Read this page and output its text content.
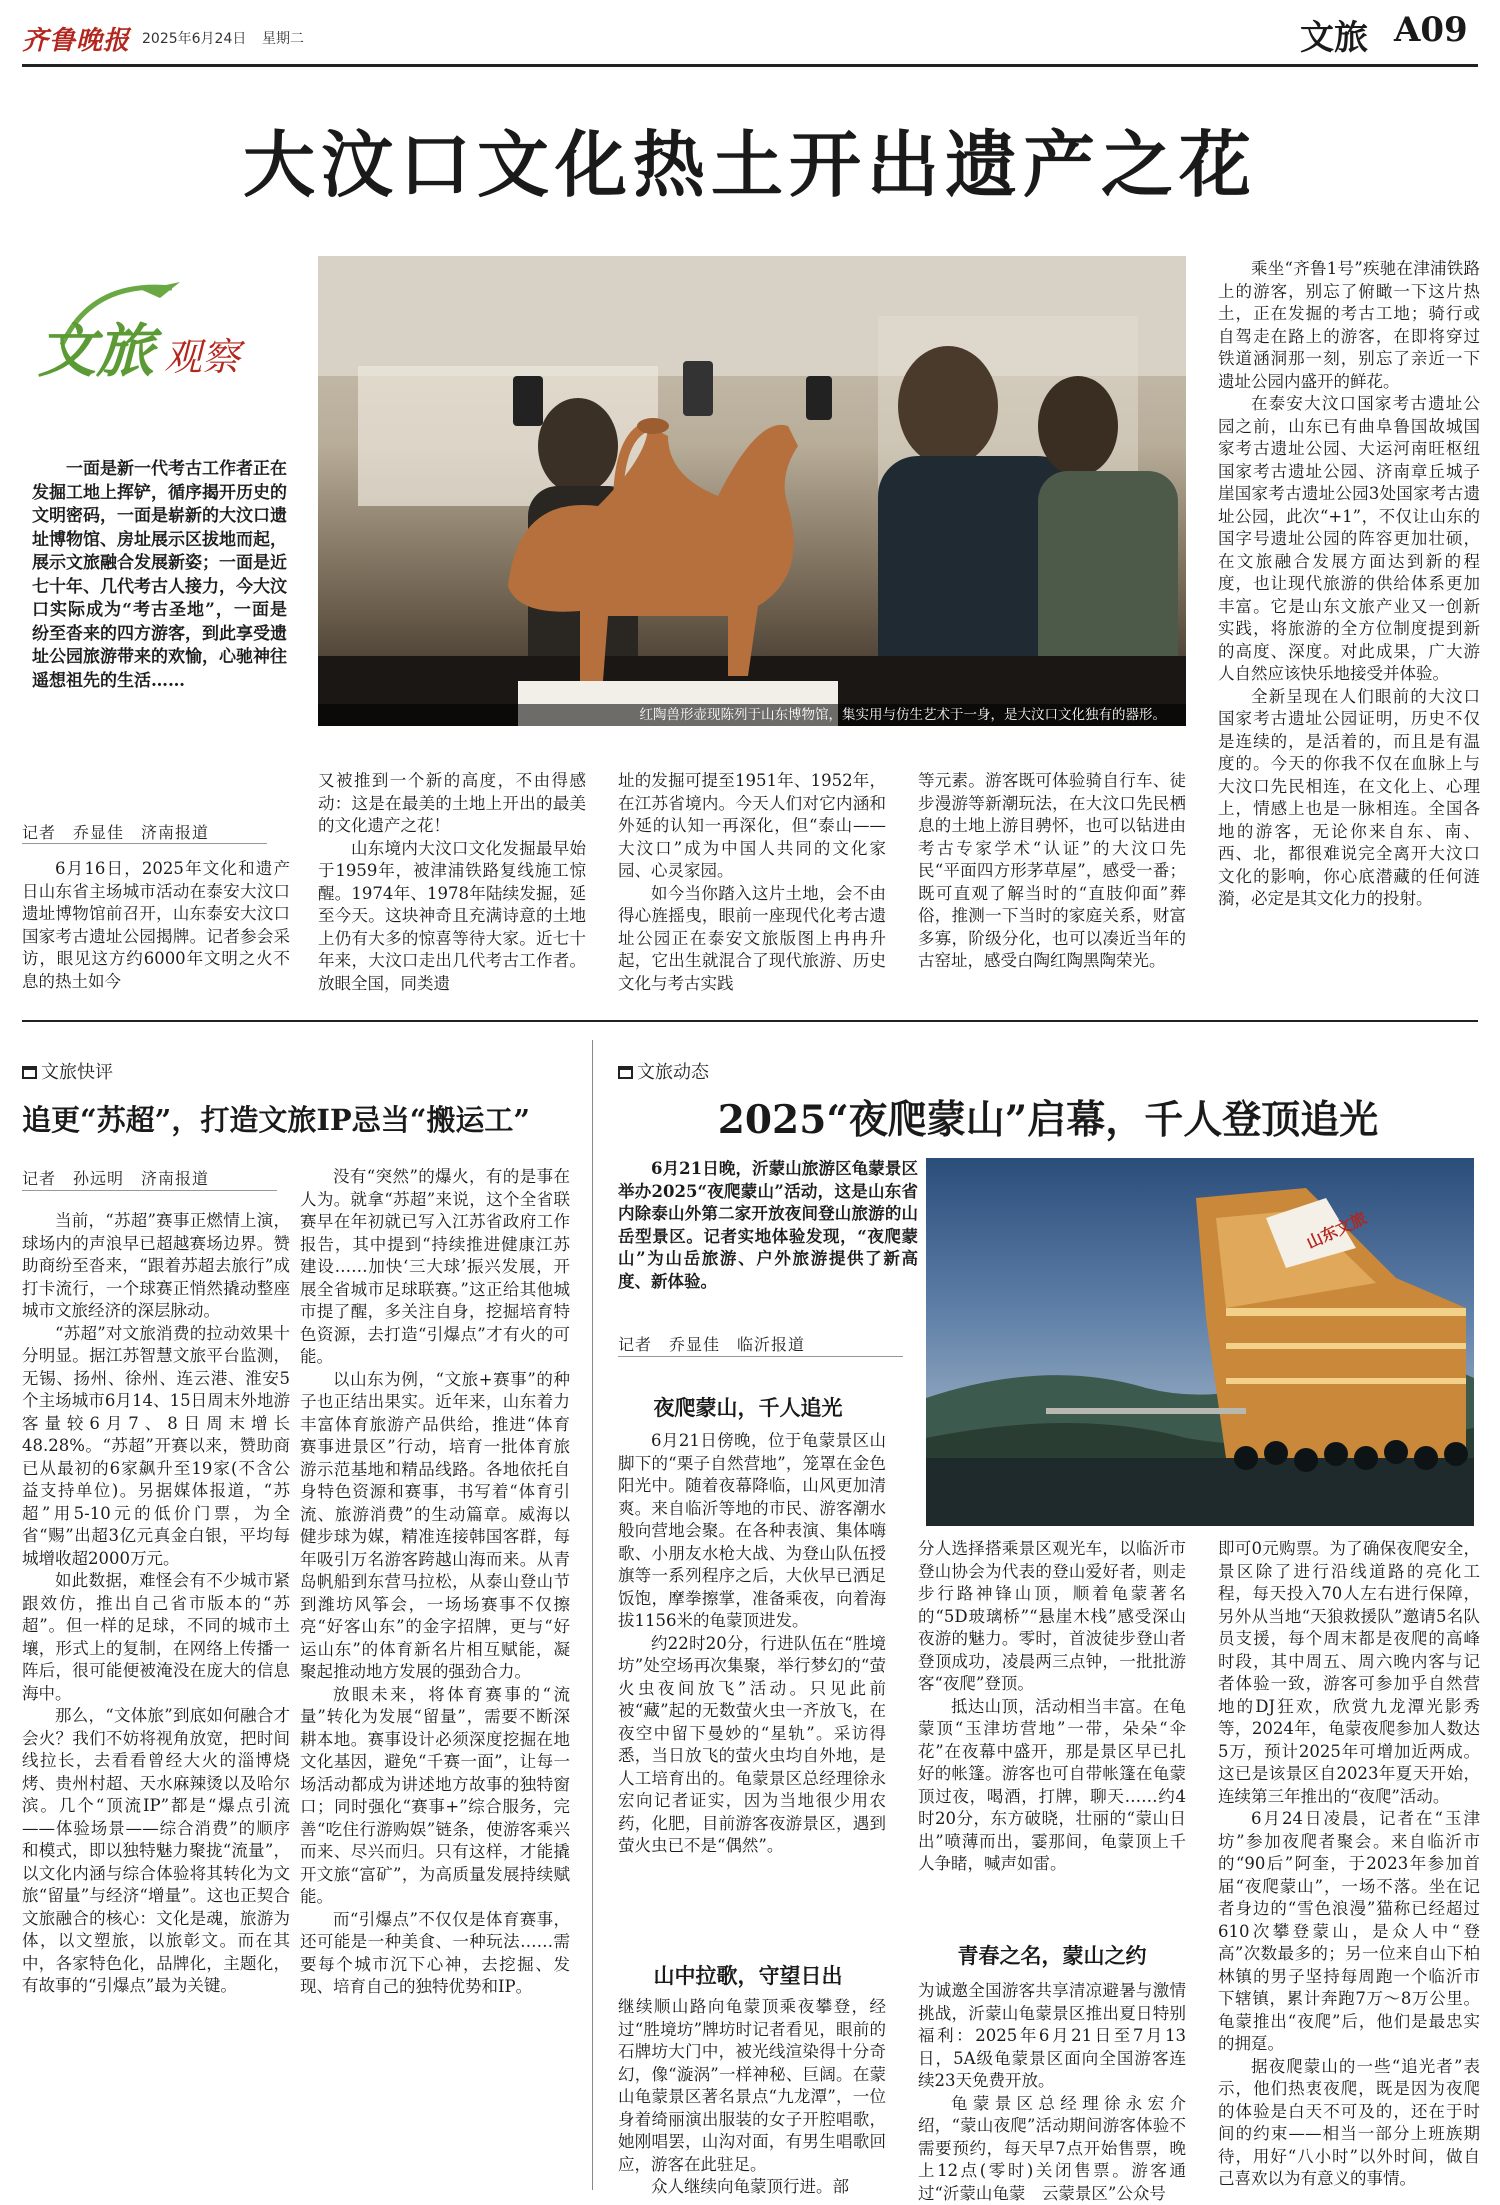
齐鲁晚报 2025年6月24日 星期二	文旅 A09
大汶口文化热土开出遗产之花
文旅 观察

一面是新一代考古工作者正在发掘工地上挥铲，循序揭开历史的文明密码，一面是崭新的大汶口遗址博物馆、房址展示区拔地而起，展示文旅融合发展新姿；一面是近七十年、几代考古人接力，今大汶口实际成为“考古圣地”，一面是纷至沓来的四方游客，到此享受遗址公园旅游带来的欢愉，心驰神往遥想祖先的生活……

红陶兽形壶现陈列于山东博物馆，集实用与仿生艺术于一身，是大汶口文化独有的器形。
记者　乔显佳　济南报道

6月16日，2025年文化和遗产日山东省主场城市活动在泰安大汶口遗址博物馆前召开，山东泰安大汶口国家考古遗址公园揭牌。记者参会采访，眼见这方约6000年文明之火不息的热土如今

又被推到一个新的高度，不由得感动：这是在最美的土地上开出的最美的文化遗产之花！

山东境内大汶口文化发掘最早始于1959年，被津浦铁路复线施工惊醒。1974年、1978年陆续发掘，延至今天。这块神奇且充满诗意的土地上仍有大多的惊喜等待大家。近七十年来，大汶口走出几代考古工作者。放眼全国，同类遗

址的发掘可提至1951年、1952年，在江苏省境内。今天人们对它内涵和外延的认知一再深化，但“泰山——大汶口”成为中国人共同的文化家园、心灵家园。

如今当你踏入这片土地，会不由得心旌摇曳，眼前一座现代化考古遗址公园正在泰安文旅版图上冉冉升起，它出生就混合了现代旅游、历史文化与考古实践

等元素。游客既可体验骑自行车、徒步漫游等新潮玩法，在大汶口先民栖息的土地上游目骋怀，也可以钻进由考古专家学术“认证”的大汶口先民“平面四方形茅草屋”，感受一番；既可直观了解当时的“直肢仰面”葬俗，推测一下当时的家庭关系，财富多寡，阶级分化，也可以凑近当年的古窑址，感受白陶红陶黑陶荣光。

乘坐“齐鲁1号”疾驰在津浦铁路上的游客，别忘了俯瞰一下这片热土，正在发掘的考古工地；骑行或自驾走在路上的游客，在即将穿过铁道涵洞那一刻，别忘了亲近一下遗址公园内盛开的鲜花。

在泰安大汶口国家考古遗址公园之前，山东已有曲阜鲁国故城国家考古遗址公园、大运河南旺枢纽国家考古遗址公园、济南章丘城子崖国家考古遗址公园3处国家考古遗址公园，此次“+1”，不仅让山东的国字号遗址公园的阵容更加壮硕，在文旅融合发展方面达到新的程度，也让现代旅游的供给体系更加丰富。它是山东文旅产业又一创新实践，将旅游的全方位制度提到新的高度、深度。对此成果，广大游人自然应该快乐地接受并体验。

全新呈现在人们眼前的大汶口国家考古遗址公园证明，历史不仅是连续的，是活着的，而且是有温度的。今天的你我不仅在血脉上与大汶口先民相连，在文化上、心理上，情感上也是一脉相连。全国各地的游客，无论你来自东、南、西、北，都很难说完全离开大汶口文化的影响，你心底潜藏的任何涟漪，必定是其文化力的投射。

文旅快评
追更“苏超”，打造文旅IP忌当“搬运工”
记者　孙远明　济南报道

当前，“苏超”赛事正燃情上演，球场内的声浪早已超越赛场边界。赞助商纷至沓来，“跟着苏超去旅行”成打卡流行，一个球赛正悄然撬动整座城市文旅经济的深层脉动。

“苏超”对文旅消费的拉动效果十分明显。据江苏智慧文旅平台监测，无锡、扬州、徐州、连云港、淮安5个主场城市6月14、15日周末外地游客量较6月7、8日周末增长48.28%。“苏超”开赛以来，赞助商已从最初的6家飙升至19家(不含公益支持单位)。另据媒体报道，“苏超”用5-10元的低价门票，为全省“赐”出超3亿元真金白银，平均每城增收超2000万元。

如此数据，难怪会有不少城市紧跟效仿，推出自己省市版本的“苏超”。但一样的足球，不同的城市土壤，形式上的复制，在网络上传播一阵后，很可能便被淹没在庞大的信息海中。

那么，“文体旅”到底如何融合才会火？我们不妨将视角放宽，把时间线拉长，去看看曾经大火的淄博烧烤、贵州村超、天水麻辣烫以及哈尔滨。几个“顶流IP”都是“爆点引流——体验场景——综合消费”的顺序和模式，即以独特魅力聚拢“流量”，以文化内涵与综合体验将其转化为文旅“留量”与经济“增量”。这也正契合文旅融合的核心：文化是魂，旅游为体，以文塑旅，以旅彰文。而在其中，各家特色化，品牌化，主题化，有故事的“引爆点”最为关键。

没有“突然”的爆火，有的是事在人为。就拿“苏超”来说，这个全省联赛早在年初就已写入江苏省政府工作报告，其中提到“持续推进健康江苏建设……加快‘三大球’振兴发展，开展全省城市足球联赛。”这正给其他城市提了醒，多关注自身，挖掘培育特色资源，去打造“引爆点”才有火的可能。

以山东为例，“文旅+赛事”的种子也正结出果实。近年来，山东着力丰富体育旅游产品供给，推进“体育赛事进景区”行动，培育一批体育旅游示范基地和精品线路。各地依托自身特色资源和赛事，书写着“体育引流、旅游消费”的生动篇章。威海以健步球为媒，精准连接韩国客群，每年吸引万名游客跨越山海而来。从青岛帆船到东营马拉松，从泰山登山节到潍坊风筝会，一场场赛事不仅擦亮“好客山东”的金字招牌，更与“好运山东”的体育新名片相互赋能，凝聚起推动地方发展的强劲合力。

放眼未来，将体育赛事的“流量”转化为发展“留量”，需要不断深耕本地。赛事设计必须深度挖掘在地文化基因，避免“千赛一面”，让每一场活动都成为讲述地方故事的独特窗口；同时强化“赛事+”综合服务，完善“吃住行游购娱”链条，使游客乘兴而来、尽兴而归。只有这样，才能撬开文旅“富矿”，为高质量发展持续赋能。

而“引爆点”不仅仅是体育赛事，还可能是一种美食、一种玩法……需要每个城市沉下心神，去挖掘、发现、培育自己的独特优势和IP。

文旅动态
2025“夜爬蒙山”启幕，千人登顶追光

6月21日晚，沂蒙山旅游区龟蒙景区举办2025“夜爬蒙山”活动，这是山东省内除泰山外第二家开放夜间登山旅游的山岳型景区。记者实地体验发现，“夜爬蒙山”为山岳旅游、户外旅游提供了新高度、新体验。

记者　乔显佳　临沂报道
山东文旅
夜爬蒙山，千人追光

6月21日傍晚，位于龟蒙景区山脚下的“栗子自然营地”，笼罩在金色阳光中。随着夜幕降临，山风更加清爽。来自临沂等地的市民、游客潮水般向营地会聚。在各种表演、集体嗨歌、小朋友水枪大战、为登山队伍授旗等一系列程序之后，大伙早已洒足饭饱，摩拳擦掌，准备乘夜，向着海拔1156米的龟蒙顶进发。

约22时20分，行进队伍在“胜境坊”处空场再次集聚，举行梦幻的“萤火虫夜间放飞”活动。只见此前被“藏”起的无数萤火虫一齐放飞，在夜空中留下曼妙的“星轨”。采访得悉，当日放飞的萤火虫均自外地，是人工培育出的。龟蒙景区总经理徐永宏向记者证实，因为当地很少用农药，化肥，目前游客夜游景区，遇到萤火虫已不是“偶然”。

山中拉歌，守望日出

继续顺山路向龟蒙顶乘夜攀登，经过“胜境坊”牌坊时记者看见，眼前的石牌坊大门中，被光线渲染得十分奇幻，像“漩涡”一样神秘、巨阔。在蒙山龟蒙景区著名景点“九龙潭”，一位身着绮丽演出服装的女子开腔唱歌，她刚唱罢，山沟对面，有男生唱歌回应，游客在此驻足。

众人继续向龟蒙顶行进。部

分人选择搭乘景区观光车，以临沂市登山协会为代表的登山爱好者，则走步行路神锋山顶，顺着龟蒙著名的“5D玻璃桥”“悬崖木栈”感受深山夜游的魅力。零时，首波徒步登山者登顶成功，凌晨两三点钟，一批批游客“夜爬”登顶。

抵达山顶，活动相当丰富。在龟蒙顶“玉津坊营地”一带，朵朵“伞花”在夜幕中盛开，那是景区早已扎好的帐篷。游客也可自带帐篷在龟蒙顶过夜，喝酒，打牌，聊天……约4时20分，东方破晓，壮丽的“蒙山日出”喷薄而出，霎那间，龟蒙顶上千人争睹，喊声如雷。

青春之名，蒙山之约

为诚邀全国游客共享清凉避暑与激情挑战，沂蒙山龟蒙景区推出夏日特别福利：2025年6月21日至7月13日，5A级龟蒙景区面向全国游客连续23天免费开放。

龟蒙景区总经理徐永宏介绍，“蒙山夜爬”活动期间游客体验不需要预约，每天早7点开始售票，晚上12点(零时)关闭售票。游客通过“沂蒙山龟蒙　云蒙景区”公众号

即可0元购票。为了确保夜爬安全，景区除了进行沿线道路的亮化工程，每天投入70人左右进行保障，另外从当地“天狼救援队”邀请5名队员支援，每个周末都是夜爬的高峰时段，其中周五、周六晚内客与记者体验一致，游客可参加乎自然营地的DJ狂欢，欣赏九龙潭光影秀等，2024年，龟蒙夜爬参加人数达5万，预计2025年可增加近两成。这已是该景区自2023年夏天开始，连续第三年推出的“夜爬”活动。

6月24日凌晨，记者在“玉津坊”参加夜爬者聚会。来自临沂市的“90后”阿奎，于2023年参加首届“夜爬蒙山”，一场不落。坐在记者身边的“雪色浪漫”猫称已经超过610次攀登蒙山，是众人中“登高”次数最多的；另一位来自山下柏林镇的男子坚持每周跑一个临沂市下辖镇，累计奔跑7万～8万公里。龟蒙推出“夜爬”后，他们是最忠实的拥趸。

据夜爬蒙山的一些“追光者”表示，他们热衷夜爬，既是因为夜爬的体验是白天不可及的，还在于时间的约束——相当一部分上班族期待，用好“八小时”以外时间，做自己喜欢以为有意义的事情。
